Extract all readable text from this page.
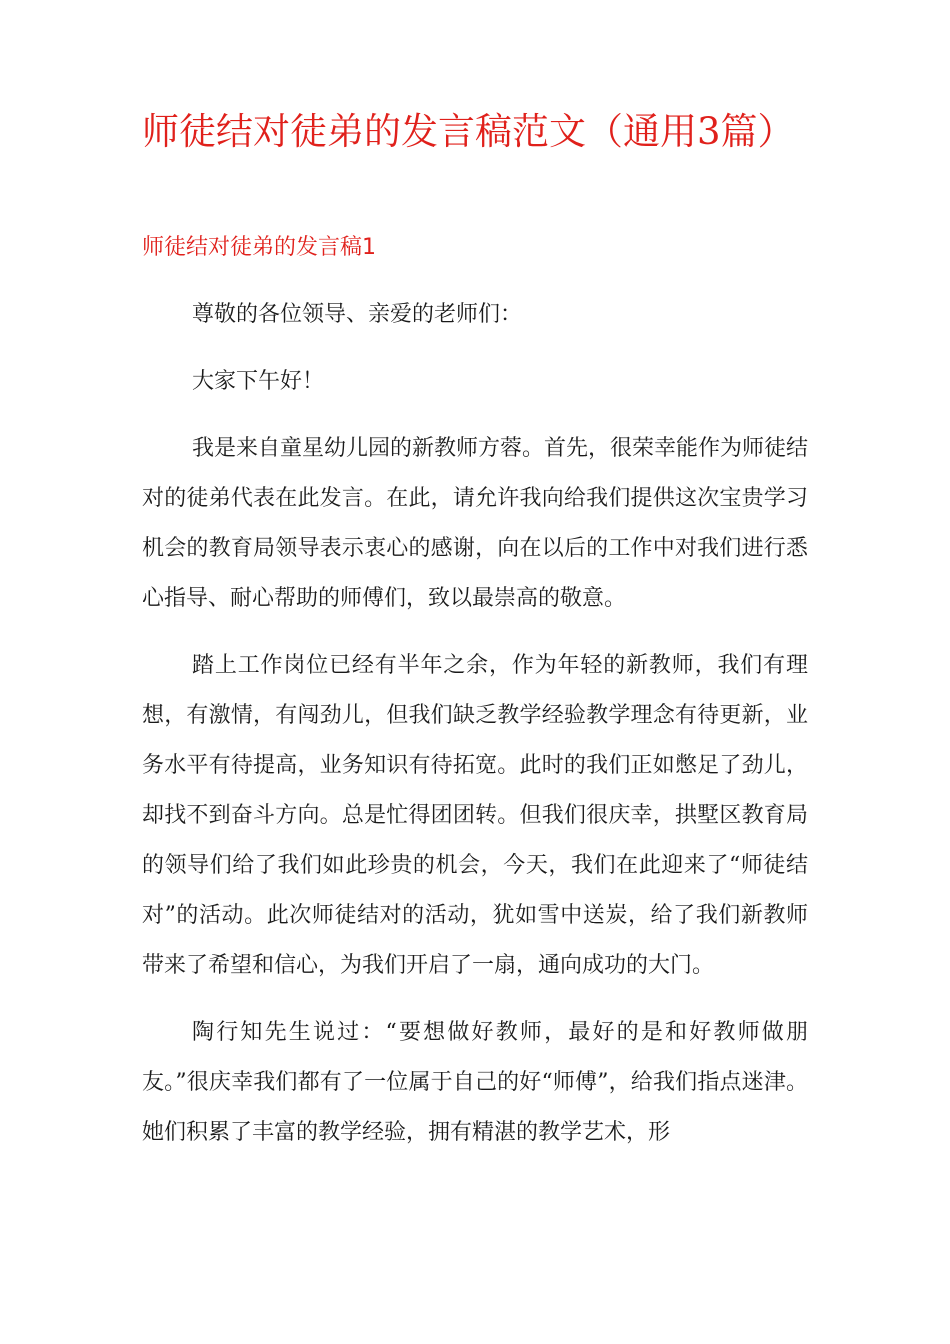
师徒结对徒弟的发言稿范文（通用3篇）
师徒结对徒弟的发言稿1

尊敬的各位领导、亲爱的老师们：

大家下午好！

我是来自童星幼儿园的新教师方蓉。首先，很荣幸能作为师徒结对的徒弟代表在此发言。在此，请允许我向给我们提供这次宝贵学习机会的教育局领导表示衷心的感谢，向在以后的工作中对我们进行悉心指导、耐心帮助的师傅们，致以最崇高的敬意。

踏上工作岗位已经有半年之余，作为年轻的新教师，我们有理想，有激情，有闯劲儿，但我们缺乏教学经验教学理念有待更新，业务水平有待提高，业务知识有待拓宽。此时的我们正如憋足了劲儿，却找不到奋斗方向。总是忙得团团转。但我们很庆幸，拱墅区教育局的领导们给了我们如此珍贵的机会，今天，我们在此迎来了“师徒结对”的活动。此次师徒结对的活动，犹如雪中送炭，给了我们新教师带来了希望和信心，为我们开启了一扇，通向成功的大门。

陶行知先生说过：“要想做好教师，最好的是和好教师做朋友。”很庆幸我们都有了一位属于自己的好“师傅”，给我们指点迷津。她们积累了丰富的教学经验，拥有精湛的教学艺术，形
